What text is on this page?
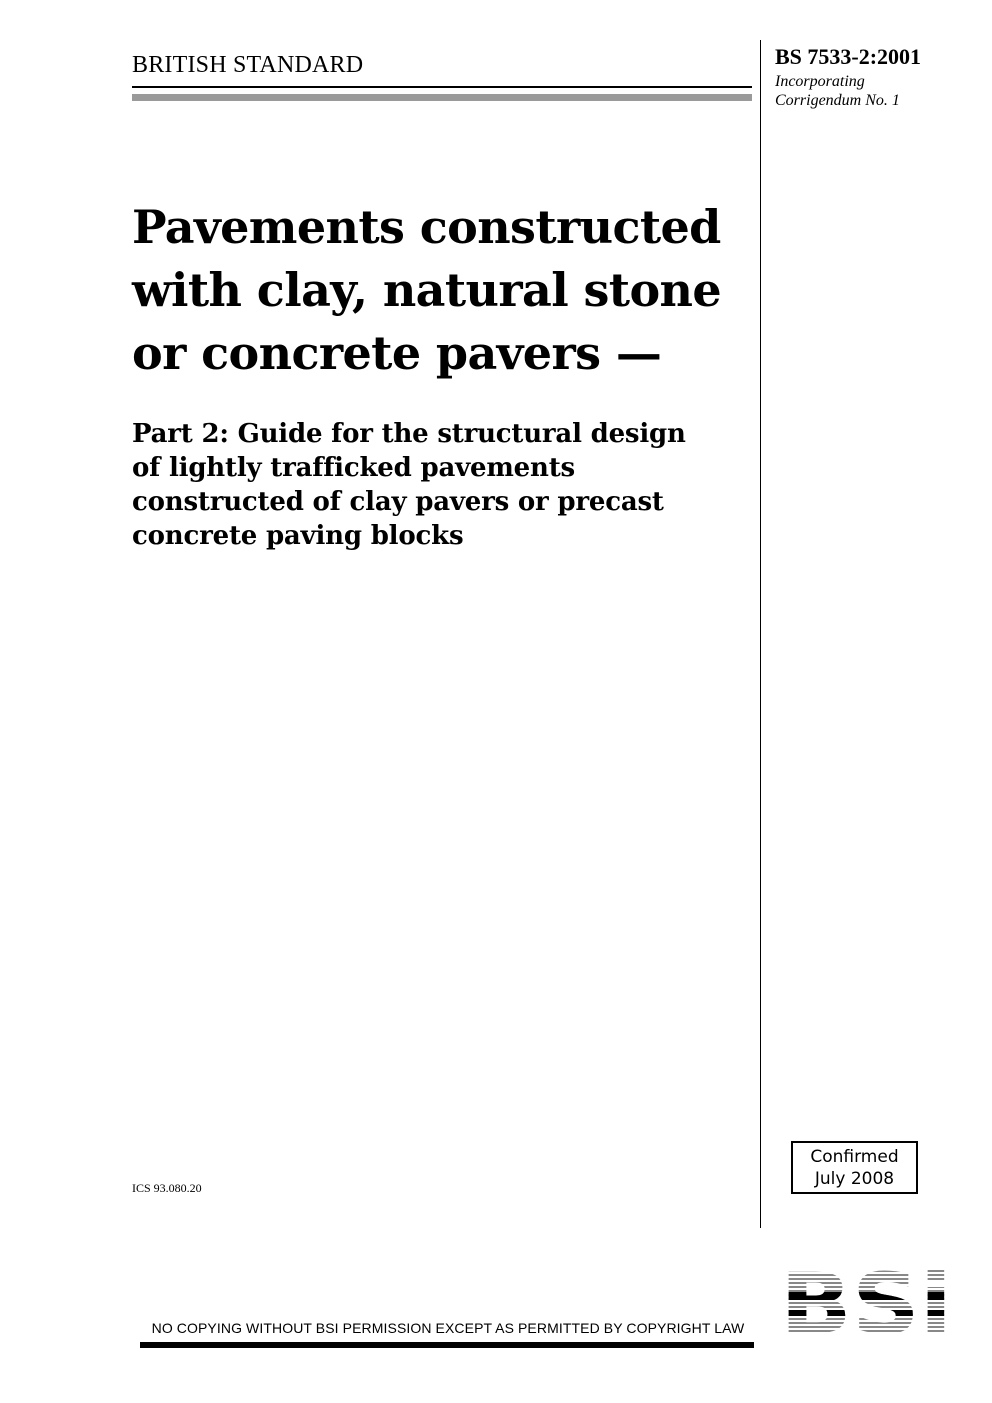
BRITISH STANDARD	BS 7533-2:2001
Incorporating
Corrigendum No. 1
Pavements constructed
with clay, natural stone
or concrete pavers —
Part 2: Guide for the structural design
of lightly trafficked pavements
constructed of clay pavers or precast
concrete paving blocks
ICS 93.080.20
Confirmed
July 2008
NO COPYING WITHOUT BSI PERMISSION EXCEPT AS PERMITTED BY COPYRIGHT LAW
